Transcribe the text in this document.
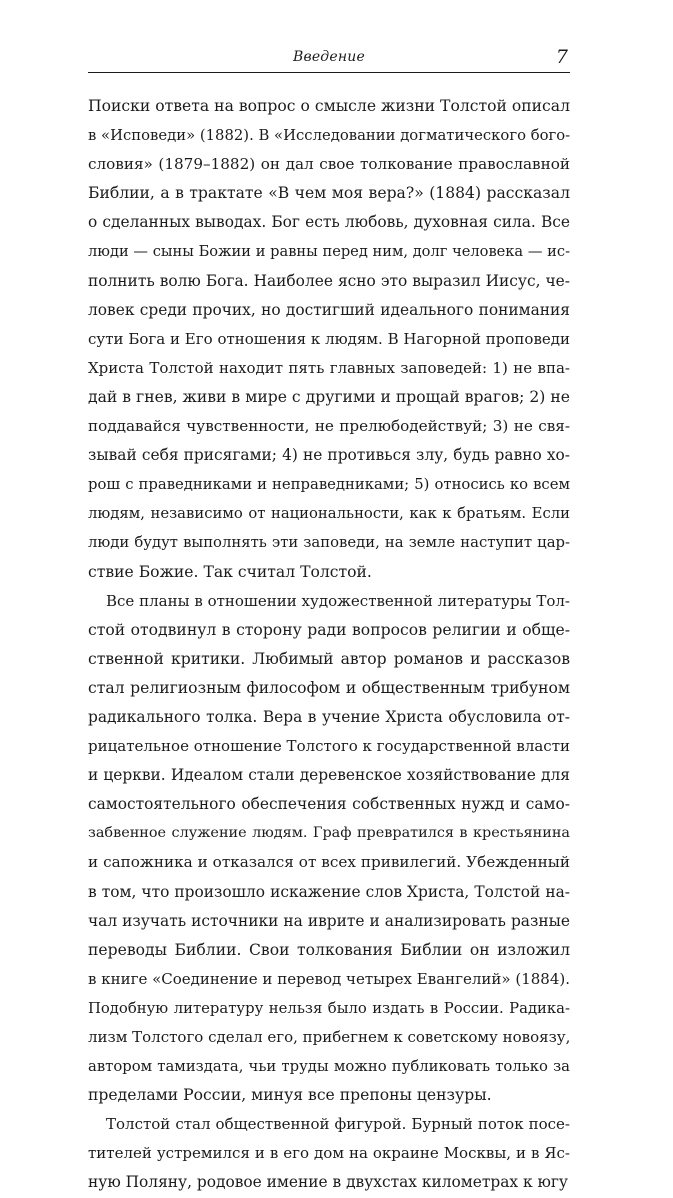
Введение	7
Поиски ответа на вопрос о смысле жизни Толстой описал
в «Исповеди» (1882). В «Исследовании догматического бого-
словия» (1879–1882) он дал свое толкование православной
Библии, а в трактате «В чем моя вера?» (1884) рассказал
о сделанных выводах. Бог есть любовь, духовная сила. Все
люди — сыны Божии и равны перед ним, долг человека — ис-
полнить волю Бога. Наиболее ясно это выразил Иисус, че-
ловек среди прочих, но достигший идеального понимания
сути Бога и Его отношения к людям. В Нагорной проповеди
Христа Толстой находит пять главных заповедей: 1) не впа-
дай в гнев, живи в мире с другими и прощай врагов; 2) не
поддавайся чувственности, не прелюбодействуй; 3) не свя-
зывай себя присягами; 4) не противься злу, будь равно хо-
рош с праведниками и неправедниками; 5) относись ко всем
людям, независимо от национальности, как к братьям. Если
люди будут выполнять эти заповеди, на земле наступит цар-
ствие Божие. Так считал Толстой.
Все планы в отношении художественной литературы Тол-
стой отодвинул в сторону ради вопросов религии и обще-
ственной критики. Любимый автор романов и рассказов
стал религиозным философом и общественным трибуном
радикального толка. Вера в учение Христа обусловила от-
рицательное отношение Толстого к государственной власти
и церкви. Идеалом стали деревенское хозяйствование для
самостоятельного обеспечения собственных нужд и само-
забвенное служение людям. Граф превратился в крестьянина
и сапожника и отказался от всех привилегий. Убежденный
в том, что произошло искажение слов Христа, Толстой на-
чал изучать источники на иврите и анализировать разные
переводы Библии. Свои толкования Библии он изложил
в книге «Соединение и перевод четырех Евангелий» (1884).
Подобную литературу нельзя было издать в России. Радика-
лизм Толстого сделал его, прибегнем к советскому новоязу,
автором тамиздата, чьи труды можно публиковать только за
пределами России, минуя все препоны цензуры.
Толстой стал общественной фигурой. Бурный поток посе-
тителей устремился и в его дом на окраине Москвы, и в Яс-
ную Поляну, родовое имение в двухстах километрах к югу
